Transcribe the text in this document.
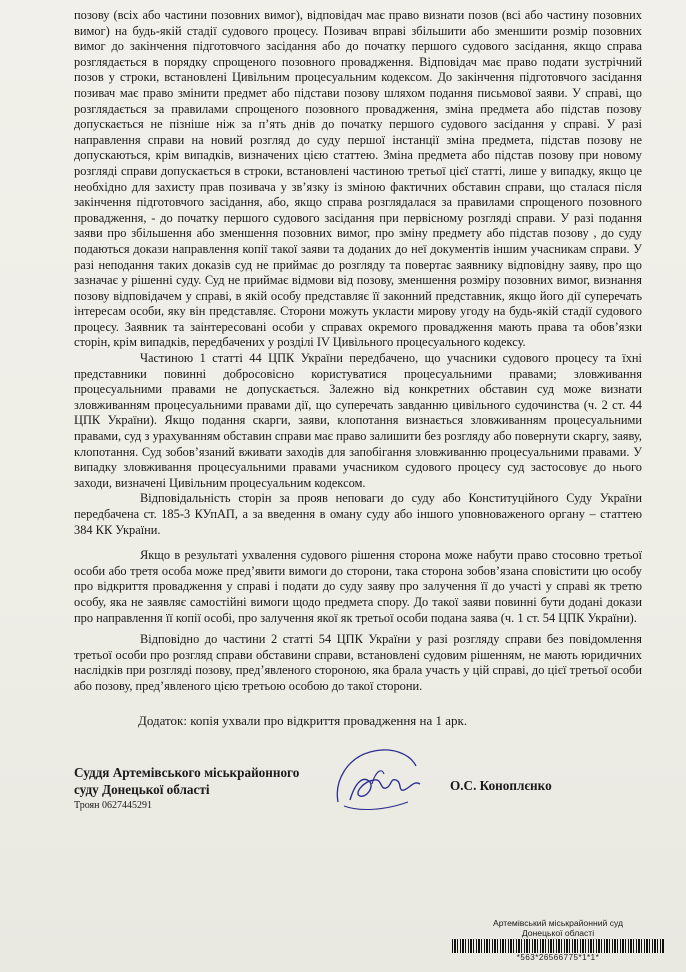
позову (всіх або частини позовних вимог), відповідач має право визнати позов (всі або частину позовних вимог) на будь-якій стадії судового процесу. Позивач вправі збільшити або зменшити розмір позовних вимог до закінчення підготовчого засідання або до початку першого судового засідання, якщо справа розглядається в порядку спрощеного позовного провадження. Відповідач має право подати зустрічний позов у строки, встановлені Цивільним процесуальним кодексом. До закінчення підготовчого засідання позивач має право змінити предмет або підстави позову шляхом подання письмової заяви. У справі, що розглядається за правилами спрощеного позовного провадження, зміна предмета або підстав позову допускається не пізніше ніж за п’ять днів до початку першого судового засідання у справі. У разі направлення справи на новий розгляд до суду першої інстанції зміна предмета, підстав позову не допускаються, крім випадків, визначених цією статтею. Зміна предмета або підстав позову при новому розгляді справи допускається в строки, встановлені частиною третьої цієї статті, лише у випадку, якщо це необхідно для захисту прав позивача у зв’язку із зміною фактичних обставин справи, що сталася після закінчення підготовчого засідання, або, якщо справа розглядалася за правилами спрощеного позовного провадження, - до початку першого судового засідання при первісному розгляді справи. У разі подання заяви про збільшення або зменшення позовних вимог, про зміну предмету або підстав позову , до суду подаються докази направлення копії такої заяви та доданих до неї документів іншим учасникам справи. У разі неподання таких доказів суд не приймає до розгляду та повертає заявнику відповідну заяву, про що зазначає у рішенні суду. Суд не приймає відмови від позову, зменшення розміру позовних вимог, визнання позову відповідачем у справі, в якій особу представляє її законний представник, якщо його дії суперечать інтересам особи, яку він представляє. Сторони можуть укласти мирову угоду на будь-якій стадії судового процесу. Заявник та заінтересовані особи у справах окремого провадження мають права та обов’язки сторін, крім випадків, передбачених у розділі IV Цивільного процесуального кодексу.

Частиною 1 статті 44 ЦПК України передбачено, що учасники судового процесу та їхні представники повинні добросовісно користуватися процесуальними правами; зловживання процесуальними правами не допускається. Залежно від конкретних обставин суд може визнати зловживанням процесуальними правами дії, що суперечать завданню цивільного судочинства (ч. 2 ст. 44 ЦПК України). Якщо подання скарги, заяви, клопотання визнається зловживанням процесуальними правами, суд з урахуванням обставин справи має право залишити без розгляду або повернути скаргу, заяву, клопотання. Суд зобов’язаний вживати заходів для запобігання зловживанню процесуальними правами. У випадку зловживання процесуальними правами учасником судового процесу суд застосовує до нього заходи, визначені Цивільним процесуальним кодексом.

Відповідальність сторін за прояв неповаги до суду або Конституційного Суду України передбачена ст. 185-3 КУпАП, а за введення в оману суду або іншого уповноваженого органу – статтею 384 КК України.

Якщо в результаті ухвалення судового рішення сторона може набути право стосовно третьої особи або третя особа може пред’явити вимоги до сторони, така сторона зобов’язана сповістити цю особу про відкриття провадження у справі і подати до суду заяву про залучення її до участі у справі як третю особу, яка не заявляє самостійні вимоги щодо предмета спору. До такої заяви повинні бути додані докази про направлення її копії особі, про залучення якої як третьої особи подана заява (ч. 1 ст. 54 ЦПК України).

Відповідно до частини 2 статті 54 ЦПК України у разі розгляду справи без повідомлення третьої особи про розгляд справи обставини справи, встановлені судовим рішенням, не мають юридичних наслідків при розгляді позову, пред’явленого стороною, яка брала участь у цій справі, до цієї третьої особи або позову, пред’явленого цією третьою особою до такої сторони.

Додаток: копія ухвали про відкриття провадження на 1 арк.
Суддя Артемівського міськрайонного
суду Донецької області
Троян 0627445291
О.С. Коноплєнко
Артемівський міськрайонний суд
Донецької області
*563*26566775*1*1*
